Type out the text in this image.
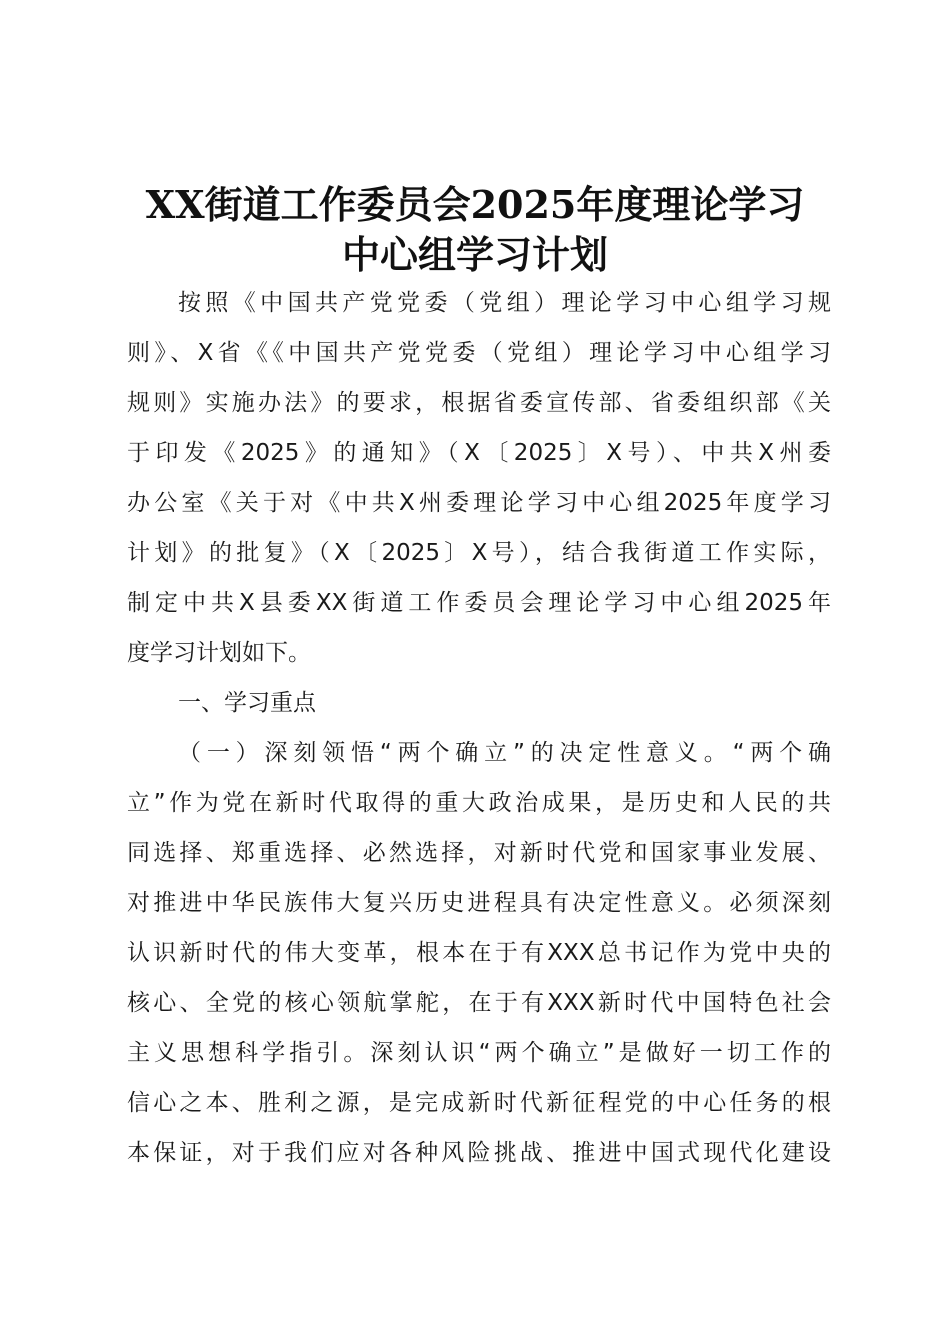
XX街道工作委员会2025年度理论学习
中心组学习计划
按照《中国共产党党委（党组）理论学习中心组学习规
则》、X省《《中国共产党党委（党组）理论学习中心组学习
规则》实施办法》的要求，根据省委宣传部、省委组织部《关
于印发《2025》的通知》（X〔2025〕X号）、中共X州委
办公室《关于对《中共X州委理论学习中心组2025年度学习
计划》的批复》（X〔2025〕X号），结合我街道工作实际，
制定中共X县委XX街道工作委员会理论学习中心组2025年
度学习计划如下。
一、学习重点
（一）深刻领悟“两个确立”的决定性意义。“两个确
立”作为党在新时代取得的重大政治成果，是历史和人民的共
同选择、郑重选择、必然选择，对新时代党和国家事业发展、
对推进中华民族伟大复兴历史进程具有决定性意义。必须深刻
认识新时代的伟大变革，根本在于有XXX总书记作为党中央的
核心、全党的核心领航掌舵，在于有XXX新时代中国特色社会
主义思想科学指引。深刻认识“两个确立”是做好一切工作的
信心之本、胜利之源，是完成新时代新征程党的中心任务的根
本保证，对于我们应对各种风险挑战、推进中国式现代化建设
